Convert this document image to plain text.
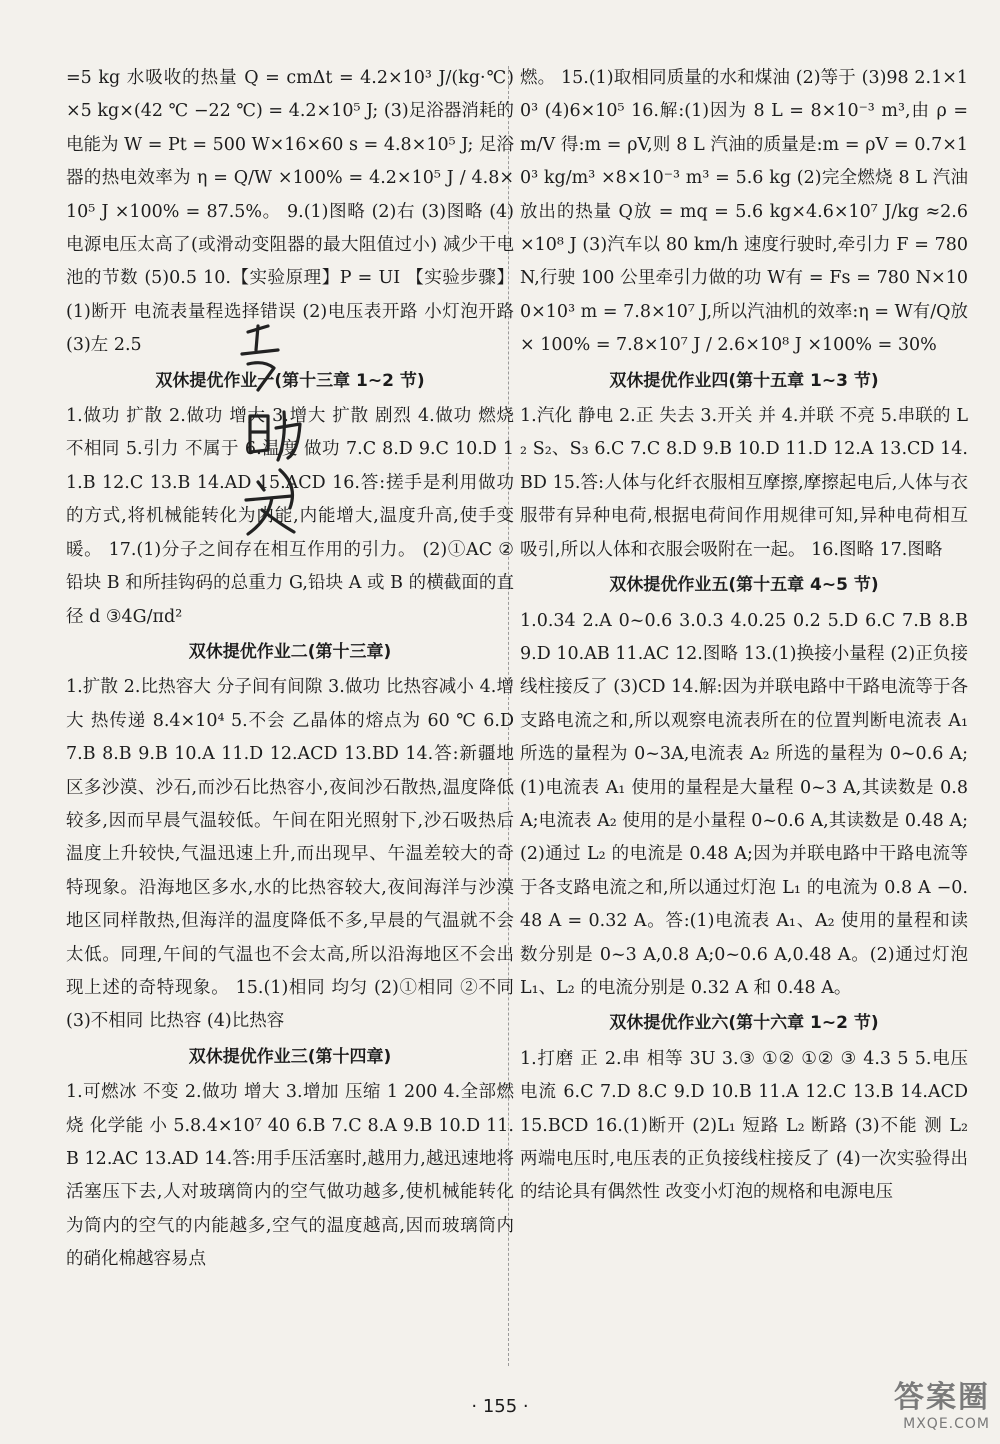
=5 kg 水吸收的热量 Q = cmΔt = 4.2×10³ J/(kg·℃) ×5 kg×(42 ℃ −22 ℃) = 4.2×10⁵ J; (3)足浴器消耗的电能为 W = Pt = 500 W×16×60 s = 4.8×10⁵ J; 足浴器的热电效率为 η = Q/W ×100% = 4.2×10⁵ J / 4.8×10⁵ J ×100% = 87.5%。 9.(1)图略 (2)右 (3)图略 (4)电源电压太高了(或滑动变阻器的最大阻值过小) 减少干电池的节数 (5)0.5 10.【实验原理】P = UI 【实验步骤】(1)断开 电流表量程选择错误 (2)电压表开路 小灯泡开路 (3)左 2.5

双休提优作业一(第十三章 1~2 节)

1.做功 扩散 2.做功 增大 3.增大 扩散 剧烈 4.做功 燃烧 不相同 5.引力 不属于 6.温度 做功 7.C 8.D 9.C 10.D 11.B 12.C 13.B 14.AD 15.ACD 16.答:搓手是利用做功的方式,将机械能转化为内能,内能增大,温度升高,使手变暖。 17.(1)分子之间存在相互作用的引力。 (2)①AC ②铅块 B 和所挂钩码的总重力 G,铅块 A 或 B 的横截面的直径 d ③4G/πd²

双休提优作业二(第十三章)

1.扩散 2.比热容大 分子间有间隙 3.做功 比热容减小 4.增大 热传递 8.4×10⁴ 5.不会 乙晶体的熔点为 60 ℃ 6.D 7.B 8.B 9.B 10.A 11.D 12.ACD 13.BD 14.答:新疆地区多沙漠、沙石,而沙石比热容小,夜间沙石散热,温度降低较多,因而早晨气温较低。午间在阳光照射下,沙石吸热后温度上升较快,气温迅速上升,而出现早、午温差较大的奇特现象。沿海地区多水,水的比热容较大,夜间海洋与沙漠地区同样散热,但海洋的温度降低不多,早晨的气温就不会太低。同理,午间的气温也不会太高,所以沿海地区不会出现上述的奇特现象。 15.(1)相同 均匀 (2)①相同 ②不同 (3)不相同 比热容 (4)比热容

双休提优作业三(第十四章)

1.可燃冰 不变 2.做功 增大 3.增加 压缩 1 200 4.全部燃烧 化学能 小 5.8.4×10⁷ 40 6.B 7.C 8.A 9.B 10.D 11.B 12.AC 13.AD 14.答:用手压活塞时,越用力,越迅速地将活塞压下去,人对玻璃筒内的空气做功越多,使机械能转化为筒内的空气的内能越多,空气的温度越高,因而玻璃筒内的硝化棉越容易点

燃。 15.(1)取相同质量的水和煤油 (2)等于 (3)98 2.1×10³ (4)6×10⁵ 16.解:(1)因为 8 L = 8×10⁻³ m³,由 ρ = m/V 得:m = ρV,则 8 L 汽油的质量是:m = ρV = 0.7×10³ kg/m³ ×8×10⁻³ m³ = 5.6 kg (2)完全燃烧 8 L 汽油放出的热量 Q放 = mq = 5.6 kg×4.6×10⁷ J/kg ≈2.6×10⁸ J (3)汽车以 80 km/h 速度行驶时,牵引力 F = 780 N,行驶 100 公里牵引力做的功 W有 = Fs = 780 N×100×10³ m = 7.8×10⁷ J,所以汽油机的效率:η = W有/Q放 × 100% = 7.8×10⁷ J / 2.6×10⁸ J ×100% = 30%

双休提优作业四(第十五章 1~3 节)

1.汽化 静电 2.正 失去 3.开关 并 4.并联 不亮 5.串联的 L₂ S₂、S₃ 6.C 7.C 8.D 9.B 10.D 11.D 12.A 13.CD 14.BD 15.答:人体与化纤衣服相互摩擦,摩擦起电后,人体与衣服带有异种电荷,根据电荷间作用规律可知,异种电荷相互吸引,所以人体和衣服会吸附在一起。 16.图略 17.图略

双休提优作业五(第十五章 4~5 节)

1.0.34 2.A 0~0.6 3.0.3 4.0.25 0.2 5.D 6.C 7.B 8.B 9.D 10.AB 11.AC 12.图略 13.(1)换接小量程 (2)正负接线柱接反了 (3)CD 14.解:因为并联电路中干路电流等于各支路电流之和,所以观察电流表所在的位置判断电流表 A₁ 所选的量程为 0~3A,电流表 A₂ 所选的量程为 0~0.6 A; (1)电流表 A₁ 使用的量程是大量程 0~3 A,其读数是 0.8 A;电流表 A₂ 使用的是小量程 0~0.6 A,其读数是 0.48 A; (2)通过 L₂ 的电流是 0.48 A;因为并联电路中干路电流等于各支路电流之和,所以通过灯泡 L₁ 的电流为 0.8 A −0.48 A = 0.32 A。答:(1)电流表 A₁、A₂ 使用的量程和读数分别是 0~3 A,0.8 A;0~0.6 A,0.48 A。(2)通过灯泡 L₁、L₂ 的电流分别是 0.32 A 和 0.48 A。

双休提优作业六(第十六章 1~2 节)

1.打磨 正 2.串 相等 3U 3.③ ①② ①② ③ 4.3 5 5.电压 电流 6.C 7.D 8.C 9.D 10.B 11.A 12.C 13.B 14.ACD 15.BCD 16.(1)断开 (2)L₁ 短路 L₂ 断路 (3)不能 测 L₂ 两端电压时,电压表的正负接线柱接反了 (4)一次实验得出的结论具有偶然性 改变小灯泡的规格和电源电压

· 155 ·	答案圈
MXQE.COM
